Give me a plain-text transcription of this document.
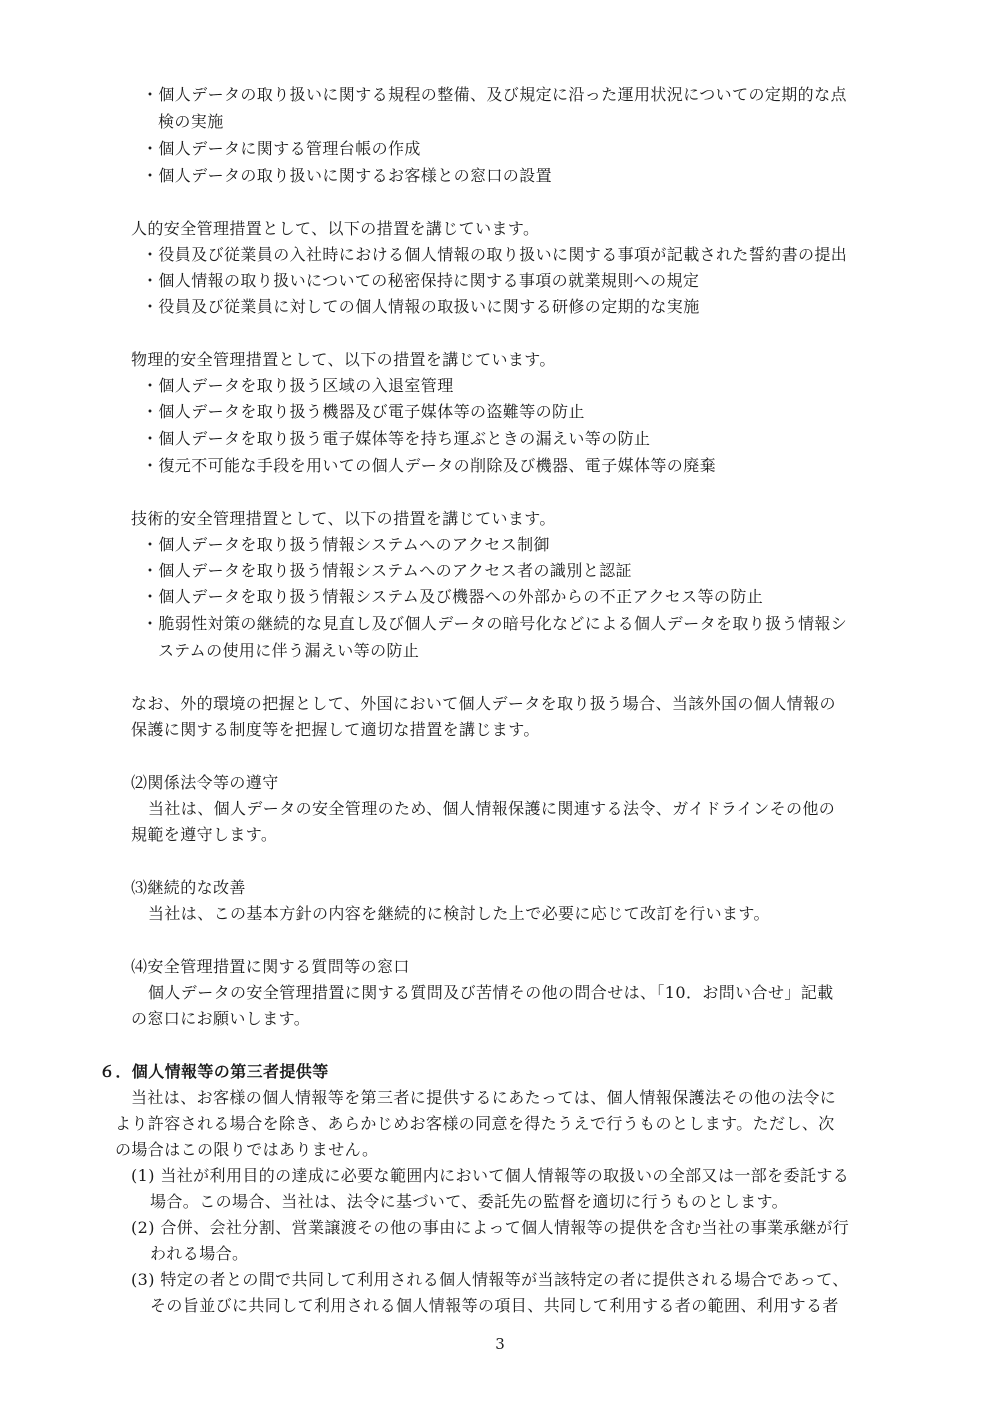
・個人データの取り扱いに関する規程の整備、及び規定に沿った運用状況についての定期的な点
検の実施
・個人データに関する管理台帳の作成
・個人データの取り扱いに関するお客様との窓口の設置
人的安全管理措置として、以下の措置を講じています。
・役員及び従業員の入社時における個人情報の取り扱いに関する事項が記載された誓約書の提出
・個人情報の取り扱いについての秘密保持に関する事項の就業規則への規定
・役員及び従業員に対しての個人情報の取扱いに関する研修の定期的な実施
物理的安全管理措置として、以下の措置を講じています。
・個人データを取り扱う区域の入退室管理
・個人データを取り扱う機器及び電子媒体等の盗難等の防止
・個人データを取り扱う電子媒体等を持ち運ぶときの漏えい等の防止
・復元不可能な手段を用いての個人データの削除及び機器、電子媒体等の廃棄
技術的安全管理措置として、以下の措置を講じています。
・個人データを取り扱う情報システムへのアクセス制御
・個人データを取り扱う情報システムへのアクセス者の識別と認証
・個人データを取り扱う情報システム及び機器への外部からの不正アクセス等の防止
・脆弱性対策の継続的な見直し及び個人データの暗号化などによる個人データを取り扱う情報シ
ステムの使用に伴う漏えい等の防止
なお、外的環境の把握として、外国において個人データを取り扱う場合、当該外国の個人情報の
保護に関する制度等を把握して適切な措置を講じます。
⑵関係法令等の遵守
当社は、個人データの安全管理のため、個人情報保護に関連する法令、ガイドラインその他の
規範を遵守します。
⑶継続的な改善
当社は、この基本方針の内容を継続的に検討した上で必要に応じて改訂を行います。
⑷安全管理措置に関する質問等の窓口
個人データの安全管理措置に関する質問及び苦情その他の問合せは、「10．お問い合せ」記載
の窓口にお願いします。
６．個人情報等の第三者提供等
当社は、お客様の個人情報等を第三者に提供するにあたっては、個人情報保護法その他の法令に
より許容される場合を除き、あらかじめお客様の同意を得たうえで行うものとします。ただし、次
の場合はこの限りではありません。
(1) 当社が利用目的の達成に必要な範囲内において個人情報等の取扱いの全部又は一部を委託する
場合。この場合、当社は、法令に基づいて、委託先の監督を適切に行うものとします。
(2) 合併、会社分割、営業譲渡その他の事由によって個人情報等の提供を含む当社の事業承継が行
われる場合。
(3) 特定の者との間で共同して利用される個人情報等が当該特定の者に提供される場合であって、
その旨並びに共同して利用される個人情報等の項目、共同して利用する者の範囲、利用する者
3
